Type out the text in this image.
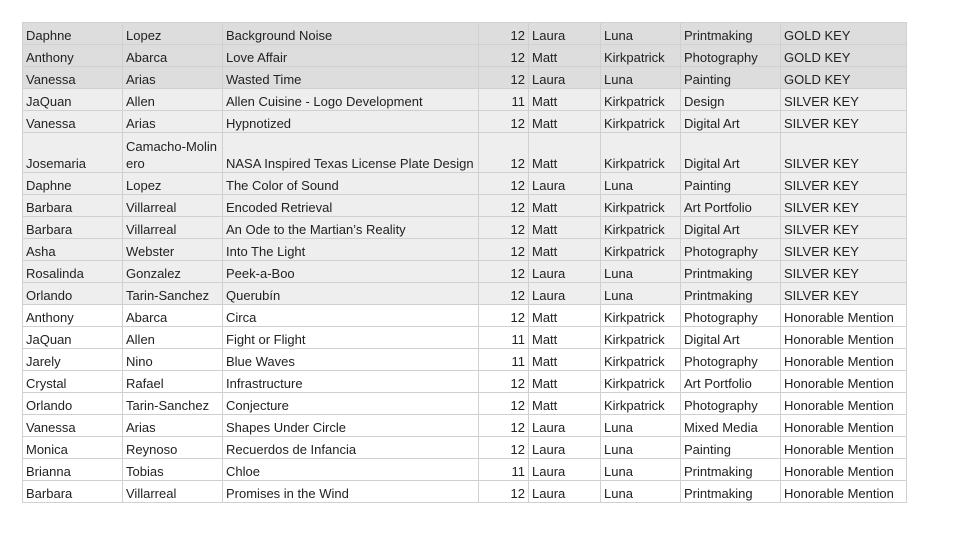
Daphne	Lopez	Background Noise	12	Laura	Luna	Printmaking	GOLD KEY
Anthony	Abarca	Love Affair	12	Matt	Kirkpatrick	Photography	GOLD KEY
Vanessa	Arias	Wasted Time	12	Laura	Luna	Painting	GOLD KEY
JaQuan	Allen	Allen Cuisine - Logo Development	11	Matt	Kirkpatrick	Design	SILVER KEY
Vanessa	Arias	Hypnotized	12	Matt	Kirkpatrick	Digital Art	SILVER KEY
Josemaria	Camacho-Molinero	NASA Inspired Texas License Plate Design	12	Matt	Kirkpatrick	Digital Art	SILVER KEY
Daphne	Lopez	The Color of Sound	12	Laura	Luna	Painting	SILVER KEY
Barbara	Villarreal	Encoded Retrieval	12	Matt	Kirkpatrick	Art Portfolio	SILVER KEY
Barbara	Villarreal	An Ode to the Martian’s Reality	12	Matt	Kirkpatrick	Digital Art	SILVER KEY
Asha	Webster	Into The Light	12	Matt	Kirkpatrick	Photography	SILVER KEY
Rosalinda	Gonzalez	Peek-a-Boo	12	Laura	Luna	Printmaking	SILVER KEY
Orlando	Tarin-Sanchez	Querubín	12	Laura	Luna	Printmaking	SILVER KEY
Anthony	Abarca	Circa	12	Matt	Kirkpatrick	Photography	Honorable Mention
JaQuan	Allen	Fight or Flight	11	Matt	Kirkpatrick	Digital Art	Honorable Mention
Jarely	Nino	Blue Waves	11	Matt	Kirkpatrick	Photography	Honorable Mention
Crystal	Rafael	Infrastructure	12	Matt	Kirkpatrick	Art Portfolio	Honorable Mention
Orlando	Tarin-Sanchez	Conjecture	12	Matt	Kirkpatrick	Photography	Honorable Mention
Vanessa	Arias	Shapes Under Circle	12	Laura	Luna	Mixed Media	Honorable Mention
Monica	Reynoso	Recuerdos de Infancia	12	Laura	Luna	Painting	Honorable Mention
Brianna	Tobias	Chloe	11	Laura	Luna	Printmaking	Honorable Mention
Barbara	Villarreal	Promises in the Wind	12	Laura	Luna	Printmaking	Honorable Mention
